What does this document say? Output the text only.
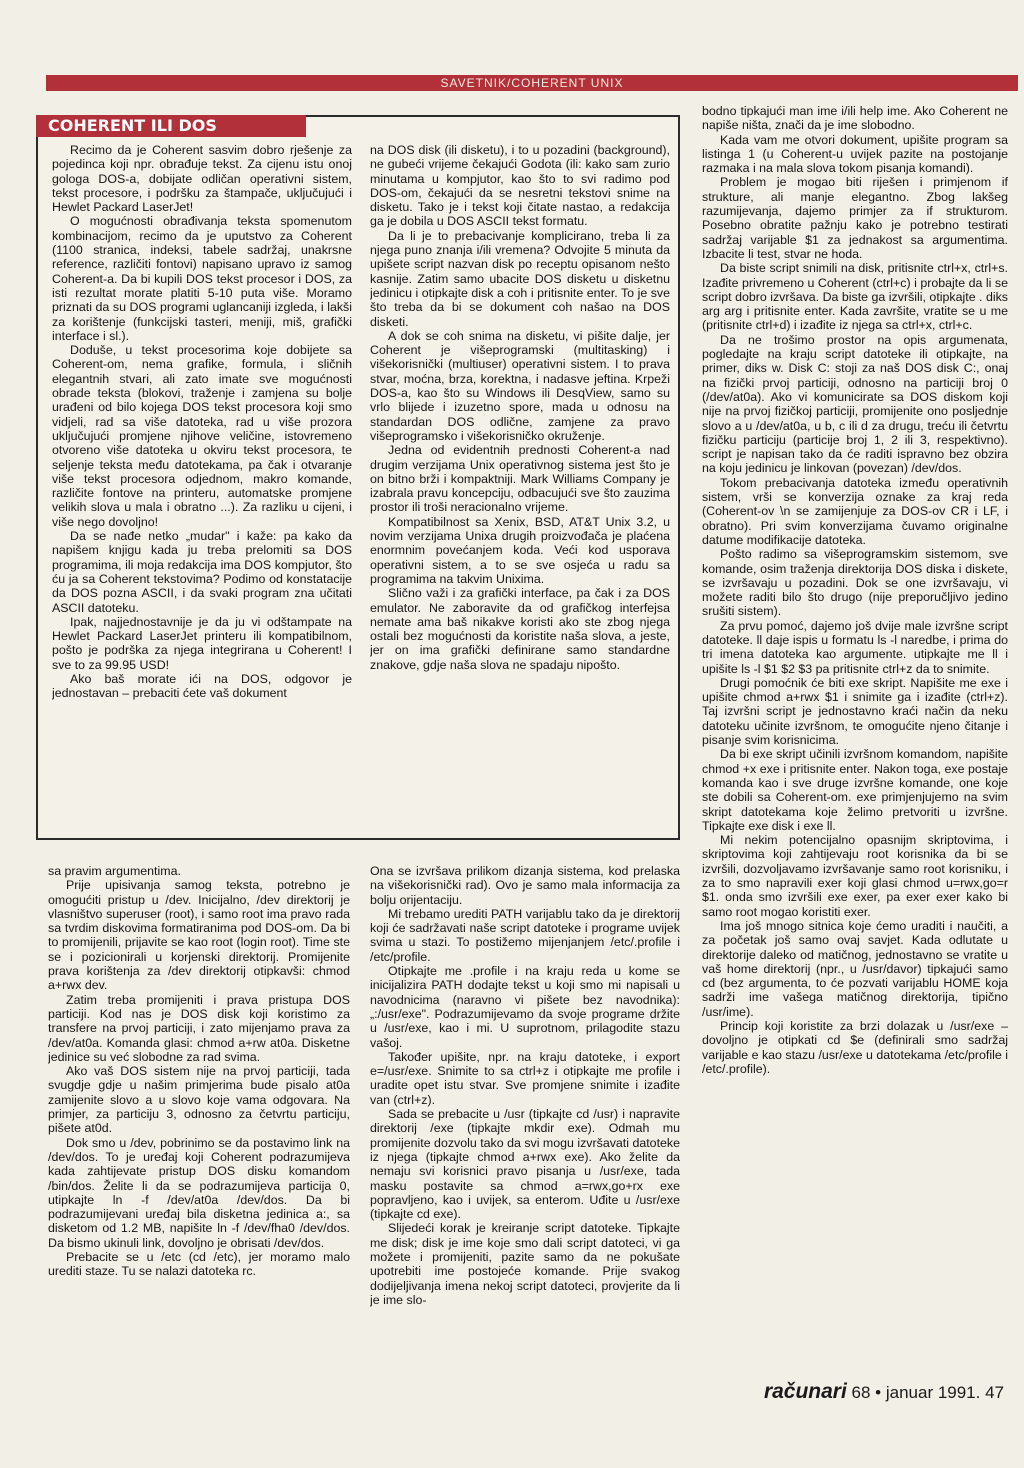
SAVETNIK/COHERENT UNIX
COHERENT ILI DOS

Recimo da je Coherent sasvim dobro rješenje za pojedinca koji npr. obrađuje tekst. Za cijenu istu onoj gologa DOS-a, dobijate odličan operativni sistem, tekst procesore, i podršku za štampače, uključujući i Hewlet Packard LaserJet!

O mogućnosti obrađivanja teksta spomenutom kombinacijom, recimo da je uputstvo za Coherent (1100 stranica, indeksi, tabele sadržaj, unakrsne reference, različiti fontovi) napisano upravo iz samog Coherent-a. Da bi kupili DOS tekst procesor i DOS, za isti rezultat morate platiti 5-10 puta više. Moramo priznati da su DOS programi uglancaniji izgleda, i lakši za korištenje (funkcijski tasteri, meniji, miš, grafički interface i sl.).

Doduše, u tekst procesorima koje dobijete sa Coherent-om, nema grafike, formula, i sličnih elegantnih stvari, ali zato imate sve mogućnosti obrade teksta (blokovi, traženje i zamjena su bolje urađeni od bilo kojega DOS tekst procesora koji smo vidjeli, rad sa više datoteka, rad u više prozora uključujući promjene njihove veličine, istovremeno otvoreno više datoteka u okviru tekst procesora, te seljenje teksta među datotekama, pa čak i otvaranje više tekst procesora odjednom, makro komande, različite fontove na printeru, automatske promjene velikih slova u mala i obratno ...). Za razliku u cijeni, i više nego dovoljno!

Da se nađe netko „mudar" i kaže: pa kako da napišem knjigu kada ju treba prelomiti sa DOS programima, ili moja redakcija ima DOS kompjutor, što ću ja sa Coherent tekstovima? Podimo od konstatacije da DOS pozna ASCII, i da svaki program zna učitati ASCII datoteku.

Ipak, najjednostavnije je da ju vi odštampate na Hewlet Packard LaserJet printeru ili kompatibilnom, pošto je podrška za njega integrirana u Coherent! I sve to za 99.95 USD!

Ako baš morate ići na DOS, odgovor je jednostavan – prebaciti ćete vaš dokument

na DOS disk (ili disketu), i to u pozadini (background), ne gubeći vrijeme čekajući Godota (ili: kako sam zurio minutama u kompjutor, kao što to svi radimo pod DOS-om, čekajući da se nesretni tekstovi snime na disketu. Tako je i tekst koji čitate nastao, a redakcija ga je dobila u DOS ASCII tekst formatu.

Da li je to prebacivanje komplicirano, treba li za njega puno znanja i/ili vremena? Odvojite 5 minuta da upišete script nazvan disk po receptu opisanom nešto kasnije. Zatim samo ubacite DOS disketu u disketnu jedinicu i otipkajte disk a coh i pritisnite enter. To je sve što treba da bi se dokument coh našao na DOS disketi.

A dok se coh snima na disketu, vi pišite dalje, jer Coherent je višeprogramski (multitasking) i višekorisnički (multiuser) operativni sistem. I to prava stvar, moćna, brza, korektna, i nadasve jeftina. Krpeži DOS-a, kao što su Windows ili DesqView, samo su vrlo blijede i izuzetno spore, mada u odnosu na standardan DOS odlične, zamjene za pravo višeprogramsko i višekorisničko okruženje.

Jedna od evidentnih prednosti Coherent-a nad drugim verzijama Unix operativnog sistema jest što je on bitno brži i kompaktniji. Mark Williams Company je izabrala pravu koncepciju, odbacujući sve što zauzima prostor ili troši neracionalno vrijeme.

Kompatibilnost sa Xenix, BSD, AT&T Unix 3.2, u novim verzijama Unixa drugih proizvođača je plaćena enormnim povećanjem koda. Veći kod usporava operativni sistem, a to se sve osjeća u radu sa programima na takvim Unixima.

Slično važi i za grafički interface, pa čak i za DOS emulator. Ne zaboravite da od grafičkog interfejsa nemate ama baš nikakve koristi ako ste zbog njega ostali bez mogućnosti da koristite naša slova, a jeste, jer on ima grafički definirane samo standardne znakove, gdje naša slova ne spadaju nipošto.

sa pravim argumentima.

Prije upisivanja samog teksta, potrebno je omogućiti pristup u /dev. Inicijalno, /dev direktorij je vlasništvo superuser (root), i samo root ima pravo rada sa tvrdim diskovima formatiranima pod DOS-om. Da bi to promijenili, prijavite se kao root (login root). Time ste se i pozicionirali u korjenski direktorij. Promijenite prava korištenja za /dev direktorij otipkavši: chmod a+rwx dev.

Zatim treba promijeniti i prava pristupa DOS particiji. Kod nas je DOS disk koji koristimo za transfere na prvoj particiji, i zato mijenjamo prava za /dev/at0a. Komanda glasi: chmod a+rw at0a. Disketne jedinice su već slobodne za rad svima.

Ako vaš DOS sistem nije na prvoj particiji, tada svugdje gdje u našim primjerima bude pisalo at0a zamijenite slovo a u slovo koje vama odgovara. Na primjer, za particiju 3, odnosno za četvrtu particiju, pišete at0d.

Dok smo u /dev, pobrinimo se da postavimo link na /dev/dos. To je uređaj koji Coherent podrazumijeva kada zahtijevate pristup DOS disku komandom /bin/dos. Želite li da se podrazumijeva particija 0, utipkajte ln -f /dev/at0a /dev/dos. Da bi podrazumijevani uređaj bila disketna jedinica a:, sa disketom od 1.2 MB, napišite ln -f /dev/fha0 /dev/dos. Da bismo ukinuli link, dovoljno je obrisati /dev/dos.

Prebacite se u /etc (cd /etc), jer moramo malo urediti staze. Tu se nalazi datoteka rc.

Ona se izvršava prilikom dizanja sistema, kod prelaska na višekorisnički rad). Ovo je samo mala informacija za bolju orijentaciju.

Mi trebamo urediti PATH varijablu tako da je direktorij koji će sadržavati naše script datoteke i programe uvijek svima u stazi. To postižemo mijenjanjem /etc/.profile i /etc/profile.

Otipkajte me .profile i na kraju reda u kome se inicijalizira PATH dodajte tekst u koji smo mi napisali u navodnicima (naravno vi pišete bez navodnika): „:/usr/exe". Podrazumijevamo da svoje programe držite u /usr/exe, kao i mi. U suprotnom, prilagodite stazu vašoj.

Također upišite, npr. na kraju datoteke, i export e=/usr/exe. Snimite to sa ctrl+z i otipkajte me profile i uradite opet istu stvar. Sve promjene snimite i izađite van (ctrl+z).

Sada se prebacite u /usr (tipkajte cd /usr) i napravite direktorij /exe (tipkajte mkdir exe). Odmah mu promijenite dozvolu tako da svi mogu izvršavati datoteke iz njega (tipkajte chmod a+rwx exe). Ako želite da nemaju svi korisnici pravo pisanja u /usr/exe, tada masku postavite sa chmod a=rwx,go+rx exe popravljeno, kao i uvijek, sa enterom. Uđite u /usr/exe (tipkajte cd exe).

Slijedeći korak je kreiranje script datoteke. Tipkajte me disk; disk je ime koje smo dali script datoteci, vi ga možete i promijeniti, pazite samo da ne pokušate upotrebiti ime postojeće komande. Prije svakog dodijeljivanja imena nekoj script datoteci, provjerite da li je ime slo-

bodno tipkajući man ime i/ili help ime. Ako Coherent ne napiše ništa, znači da je ime slobodno.

Kada vam me otvori dokument, upišite program sa listinga 1 (u Coherent-u uvijek pazite na postojanje razmaka i na mala slova tokom pisanja komandi).

Problem je mogao biti riješen i primjenom if strukture, ali manje elegantno. Zbog lakšeg razumijevanja, dajemo primjer za if strukturom. Posebno obratite pažnju kako je potrebno testirati sadržaj varijable $1 za jednakost sa argumentima. Izbacite li test, stvar ne hoda.

Da biste script snimili na disk, pritisnite ctrl+x, ctrl+s. Izađite privremeno u Coherent (ctrl+c) i probajte da li se script dobro izvršava. Da biste ga izvršili, otipkajte . diks arg arg i pritisnite enter. Kada završite, vratite se u me (pritisnite ctrl+d) i izađite iz njega sa ctrl+x, ctrl+c.

Da ne trošimo prostor na opis argumenata, pogledajte na kraju script datoteke ili otipkajte, na primer, diks w. Disk C: stoji za naš DOS disk C:, onaj na fizički prvoj particiji, odnosno na particiji broj 0 (/dev/at0a). Ako vi komunicirate sa DOS diskom koji nije na prvoj fizičkoj particiji, promijenite ono posljednje slovo a u /dev/at0a, u b, c ili d za drugu, treću ili četvrtu fizičku particiju (particije broj 1, 2 ili 3, respektivno). script je napisan tako da će raditi ispravno bez obzira na koju jedinicu je linkovan (povezan) /dev/dos.

Tokom prebacivanja datoteka između operativnih sistem, vrši se konverzija oznake za kraj reda (Coherent-ov \n se zamijenjuje za DOS-ov CR i LF, i obratno). Pri svim konverzijama čuvamo originalne datume modifikacije datoteka.

Pošto radimo sa višeprogramskim sistemom, sve komande, osim traženja direktorija DOS diska i diskete, se izvršavaju u pozadini. Dok se one izvršavaju, vi možete raditi bilo što drugo (nije preporučljivo jedino srušiti sistem).

Za prvu pomoć, dajemo još dvije male izvršne script datoteke. ll daje ispis u formatu ls -l naredbe, i prima do tri imena datoteka kao argumente. utipkajte me ll i upišite ls -l $1 $2 $3 pa pritisnite ctrl+z da to snimite.

Drugi pomoćnik će biti exe skript. Napišite me exe i upišite chmod a+rwx $1 i snimite ga i izađite (ctrl+z). Taj izvršni script je jednostavno kraći način da neku datoteku učinite izvršnom, te omogućite njeno čitanje i pisanje svim korisnicima.

Da bi exe skript učinili izvršnom komandom, napišite chmod +x exe i pritisnite enter. Nakon toga, exe postaje komanda kao i sve druge izvršne komande, one koje ste dobili sa Coherent-om. exe primjenjujemo na svim skript datotekama koje želimo pretvoriti u izvršne. Tipkajte exe disk i exe ll.

Mi nekim potencijalno opasnijm skriptovima, i skriptovima koji zahtijevaju root korisnika da bi se izvršili, dozvoljavamo izvršavanje samo root korisniku, i za to smo napravili exer koji glasi chmod u=rwx,go=r $1. onda smo izvršili exe exer, pa exer exer kako bi samo root mogao koristiti exer.

Ima još mnogo sitnica koje ćemo uraditi i naučiti, a za početak još samo ovaj savjet. Kada odlutate u direktorije daleko od matičnog, jednostavno se vratite u vaš home direktorij (npr., u /usr/davor) tipkajući samo cd (bez argumenta, to će pozvati varijablu HOME koja sadrži ime vašega matičnog direktorija, tipično /usr/ime).

Princip koji koristite za brzi dolazak u /usr/exe – dovoljno je otipkati cd $e (definirali smo sadržaj varijable e kao stazu /usr/exe u datotekama /etc/profile i /etc/.profile).

računari 68 • januar 1991. 47
